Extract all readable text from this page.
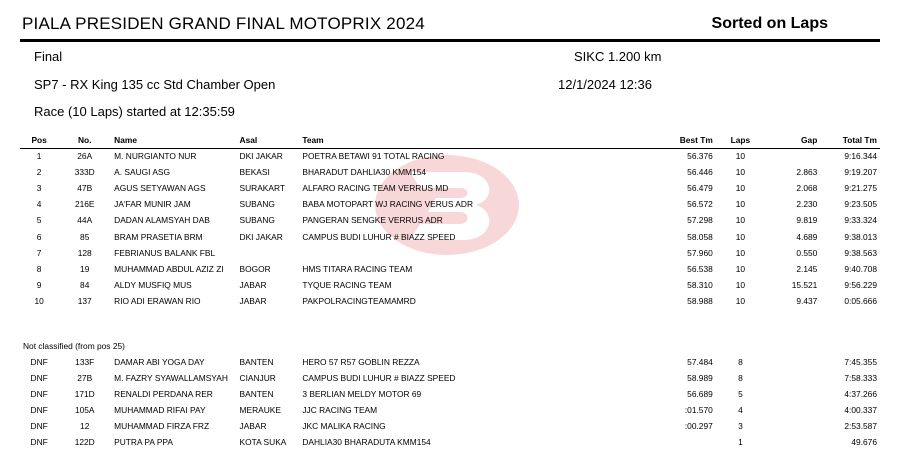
PIALA PRESIDEN GRAND FINAL MOTOPRIX 2024	Sorted on Laps
Final	SIKC 1.200 km
SP7 - RX King 135 cc Std Chamber Open	12/1/2024 12:36
Race (10 Laps) started at 12:35:59
Pos	No.	Name	Asal	Team	Best Tm	Laps	Gap	Total Tm
1	26A	M. NURGIANTO NUR	DKI JAKAR	POETRA BETAWI 91 TOTAL RACING	56.376	10		9:16.344
2	333D	A. SAUGI ASG	BEKASI	BHARADUT DAHLIA30 KMM154	56.446	10	2.863	9:19.207
3	47B	AGUS SETYAWAN AGS	SURAKART	ALFARO RACING TEAM VERRUS MD	56.479	10	2.068	9:21.275
4	216E	JA'FAR MUNIR JAM	SUBANG	BABA MOTOPART WJ RACING VERUS ADR	56.572	10	2.230	9:23.505
5	44A	DADAN ALAMSYAH DAB	SUBANG	PANGERAN SENGKE VERRUS ADR	57.298	10	9.819	9:33.324
6	85	BRAM PRASETIA BRM	DKI JAKAR	CAMPUS BUDI LUHUR # BIAZZ SPEED	58.058	10	4.689	9:38.013
7	128	FEBRIANUS BALANK FBL			57.960	10	0.550	9:38.563
8	19	MUHAMMAD ABDUL AZIZ ZI	BOGOR	HMS TITARA RACING TEAM	56.538	10	2.145	9:40.708
9	84	ALDY MUSFIQ MUS	JABAR	TYQUE RACING TEAM	58.310	10	15.521	9:56.229
10	137	RIO ADI ERAWAN RIO	JABAR	PAKPOLRACINGTEAMAMRD	58.988	10	9.437	0:05.666

Not classified (from pos 25)								
DNF	133F	DAMAR ABI YOGA DAY	BANTEN	HERO 57 R57 GOBLIN REZZA	57.484	8		7:45.355
DNF	27B	M. FAZRY SYAWALLAMSYAH	CIANJUR	CAMPUS BUDI LUHUR # BIAZZ SPEED	58.989	8		7:58.333
DNF	171D	RENALDI PERDANA RER	BANTEN	3 BERLIAN MELDY MOTOR 69	56.689	5		4:37.266
DNF	105A	MUHAMMAD RIFAI PAY	MERAUKE	JJC RACING TEAM	:01.570	4		4:00.337
DNF	12	MUHAMMAD FIRZA FRZ	JABAR	JKC MALIKA RACING	:00.297	3		2:53.587
DNF	122D	PUTRA PA PPA	KOTA SUKA	DAHLIA30 BHARADUTA KMM154		1		49.676
